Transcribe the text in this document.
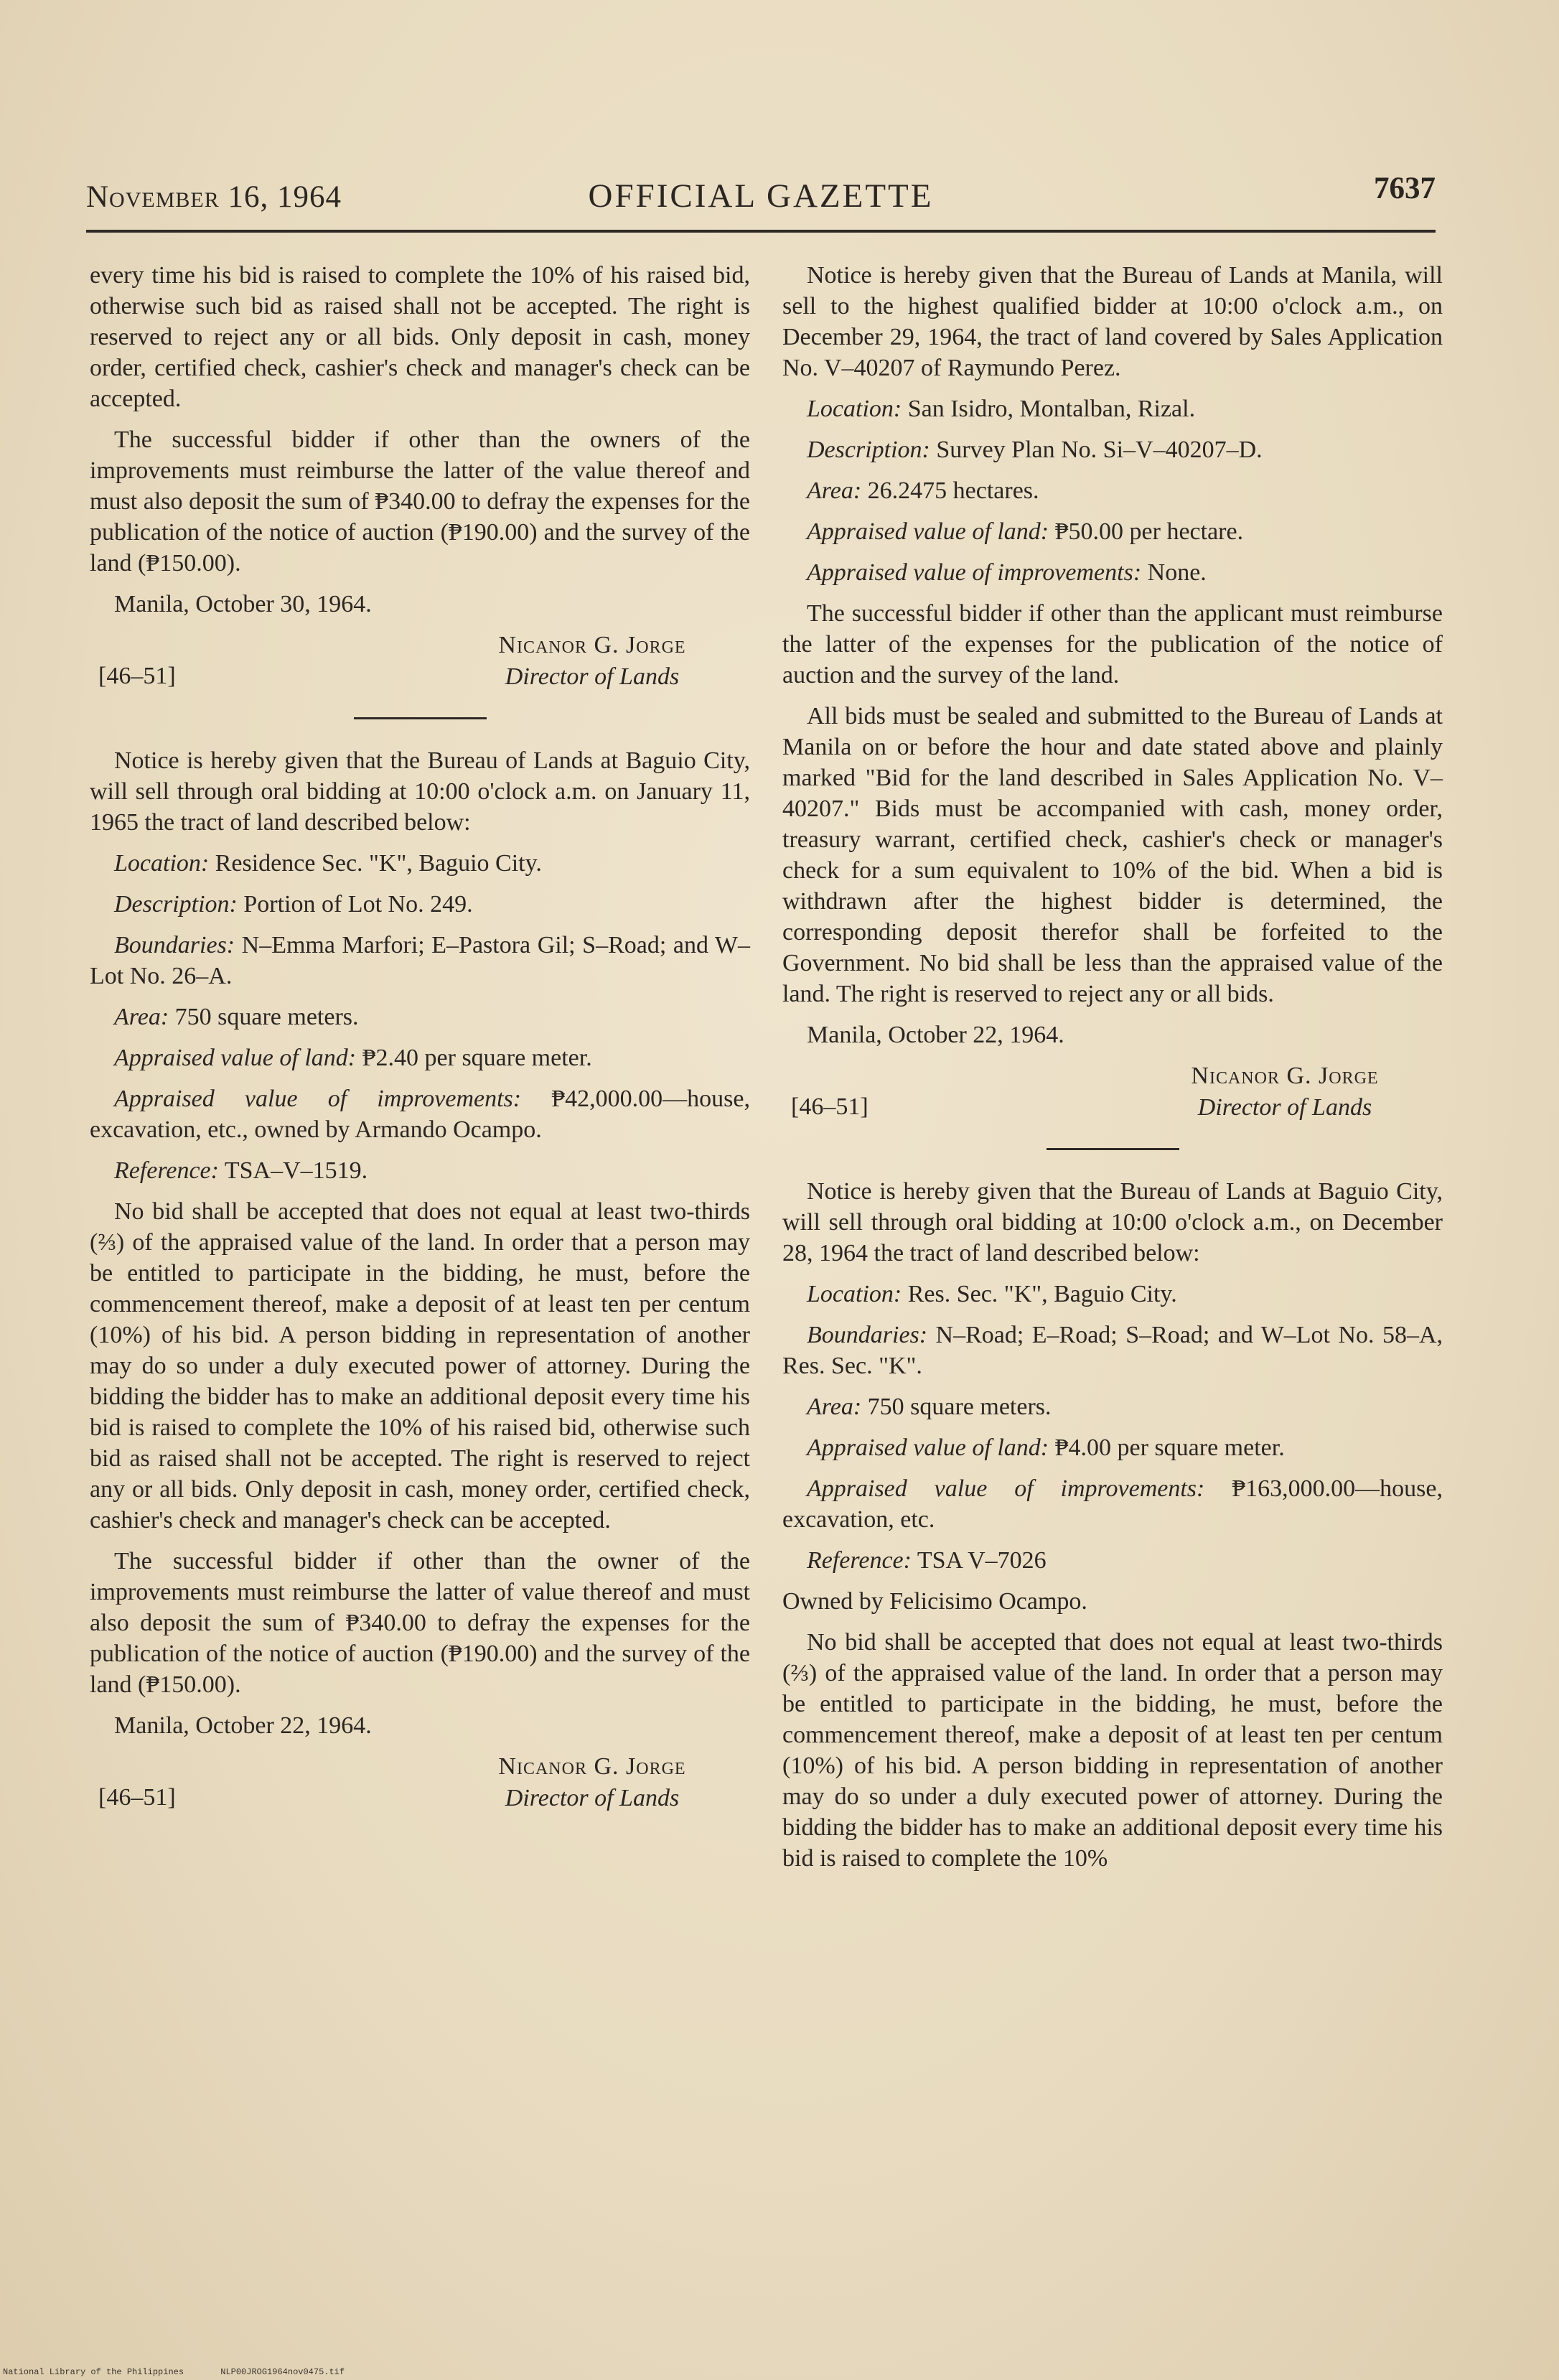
November 16, 1964	OFFICIAL GAZETTE	7637

every time his bid is raised to complete the 10% of his raised bid, otherwise such bid as raised shall not be accepted. The right is reserved to reject any or all bids. Only deposit in cash, money order, certified check, cashier's check and manager's check can be accepted.

The successful bidder if other than the owners of the improvements must reimburse the latter of the value thereof and must also deposit the sum of ₱340.00 to defray the expenses for the publication of the notice of auction (₱190.00) and the survey of the land (₱150.00).

Manila, October 30, 1964.

Nicanor G. Jorge
Director of Lands
[46–51]

Notice is hereby given that the Bureau of Lands at Baguio City, will sell through oral bidding at 10:00 o'clock a.m. on January 11, 1965 the tract of land described below:

Location: Residence Sec. "K", Baguio City.

Description: Portion of Lot No. 249.

Boundaries: N–Emma Marfori; E–Pastora Gil; S–Road; and W–Lot No. 26–A.

Area: 750 square meters.

Appraised value of land: ₱2.40 per square meter.

Appraised value of improvements: ₱42,000.00—house, excavation, etc., owned by Armando Ocampo.

Reference: TSA–V–1519.

No bid shall be accepted that does not equal at least two-thirds (⅔) of the appraised value of the land. In order that a person may be entitled to participate in the bidding, he must, before the commencement thereof, make a deposit of at least ten per centum (10%) of his bid. A person bidding in representation of another may do so under a duly executed power of attorney. During the bidding the bidder has to make an additional deposit every time his bid is raised to complete the 10% of his raised bid, otherwise such bid as raised shall not be accepted. The right is reserved to reject any or all bids. Only deposit in cash, money order, certified check, cashier's check and manager's check can be accepted.

The successful bidder if other than the owner of the improvements must reimburse the latter of value thereof and must also deposit the sum of ₱340.00 to defray the expenses for the publication of the notice of auction (₱190.00) and the survey of the land (₱150.00).

Manila, October 22, 1964.

Nicanor G. Jorge
Director of Lands
[46–51]

Notice is hereby given that the Bureau of Lands at Manila, will sell to the highest qualified bidder at 10:00 o'clock a.m., on December 29, 1964, the tract of land covered by Sales Application No. V–40207 of Raymundo Perez.

Location: San Isidro, Montalban, Rizal.

Description: Survey Plan No. Si–V–40207–D.

Area: 26.2475 hectares.

Appraised value of land: ₱50.00 per hectare.

Appraised value of improvements: None.

The successful bidder if other than the applicant must reimburse the latter of the expenses for the publication of the notice of auction and the survey of the land.

All bids must be sealed and submitted to the Bureau of Lands at Manila on or before the hour and date stated above and plainly marked "Bid for the land described in Sales Application No. V–40207." Bids must be accompanied with cash, money order, treasury warrant, certified check, cashier's check or manager's check for a sum equivalent to 10% of the bid. When a bid is withdrawn after the highest bidder is determined, the corresponding deposit therefor shall be forfeited to the Government. No bid shall be less than the appraised value of the land. The right is reserved to reject any or all bids.

Manila, October 22, 1964.

Nicanor G. Jorge
Director of Lands
[46–51]

Notice is hereby given that the Bureau of Lands at Baguio City, will sell through oral bidding at 10:00 o'clock a.m., on December 28, 1964 the tract of land described below:

Location: Res. Sec. "K", Baguio City.

Boundaries: N–Road; E–Road; S–Road; and W–Lot No. 58–A, Res. Sec. "K".

Area: 750 square meters.

Appraised value of land: ₱4.00 per square meter.

Appraised value of improvements: ₱163,000.00—house, excavation, etc.

Reference: TSA V–7026

Owned by Felicisimo Ocampo.

No bid shall be accepted that does not equal at least two-thirds (⅔) of the appraised value of the land. In order that a person may be entitled to participate in the bidding, he must, before the commencement thereof, make a deposit of at least ten per centum (10%) of his bid. A person bidding in representation of another may do so under a duly executed power of attorney. During the bidding the bidder has to make an additional deposit every time his bid is raised to complete the 10%

National Library of the Philippines	NLP00JROG1964nov0475.tif
